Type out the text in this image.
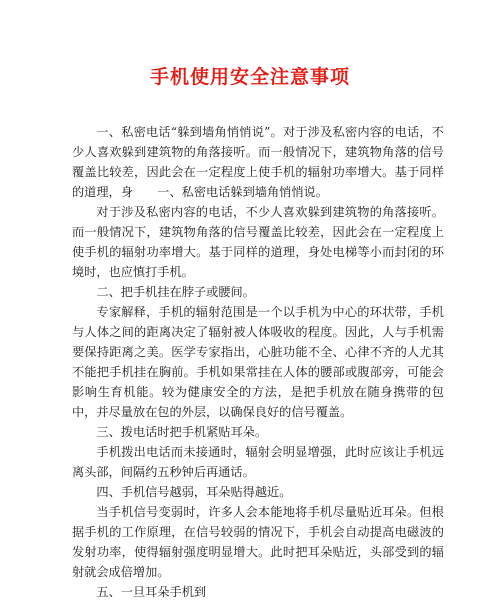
手机使用安全注意事项

一、私密电话“躲到墙角悄悄说”。对于涉及私密内容的电话，不少人喜欢躲到建筑物的角落接听。而一般情况下，建筑物角落的信号覆盖比较差，因此会在一定程度上使手机的辐射功率增大。基于同样的道理，身　　一、私密电话躲到墙角悄悄说。

对于涉及私密内容的电话，不少人喜欢躲到建筑物的角落接听。而一般情况下，建筑物角落的信号覆盖比较差，因此会在一定程度上使手机的辐射功率增大。基于同样的道理，身处电梯等小而封闭的环境时，也应慎打手机。

二、把手机挂在脖子或腰间。

专家解释，手机的辐射范围是一个以手机为中心的环状带，手机与人体之间的距离决定了辐射被人体吸收的程度。因此，人与手机需要保持距离之美。医学专家指出，心脏功能不全、心律不齐的人尤其不能把手机挂在胸前。手机如果常挂在人体的腰部或腹部旁，可能会影响生育机能。较为健康安全的方法，是把手机放在随身携带的包中，并尽量放在包的外层，以确保良好的信号覆盖。

三、拨电话时把手机紧贴耳朵。

手机拨出电话而未接通时，辐射会明显增强，此时应该让手机远离头部，间隔约五秒钟后再通话。

四、手机信号越弱，耳朵贴得越近。

当手机信号变弱时，许多人会本能地将手机尽量贴近耳朵。但根据手机的工作原理，在信号较弱的情况下，手机会自动提高电磁波的发射功率，使得辐射强度明显增大。此时把耳朵贴近，头部受到的辐射就会成倍增加。

五、一旦耳朵手机到
